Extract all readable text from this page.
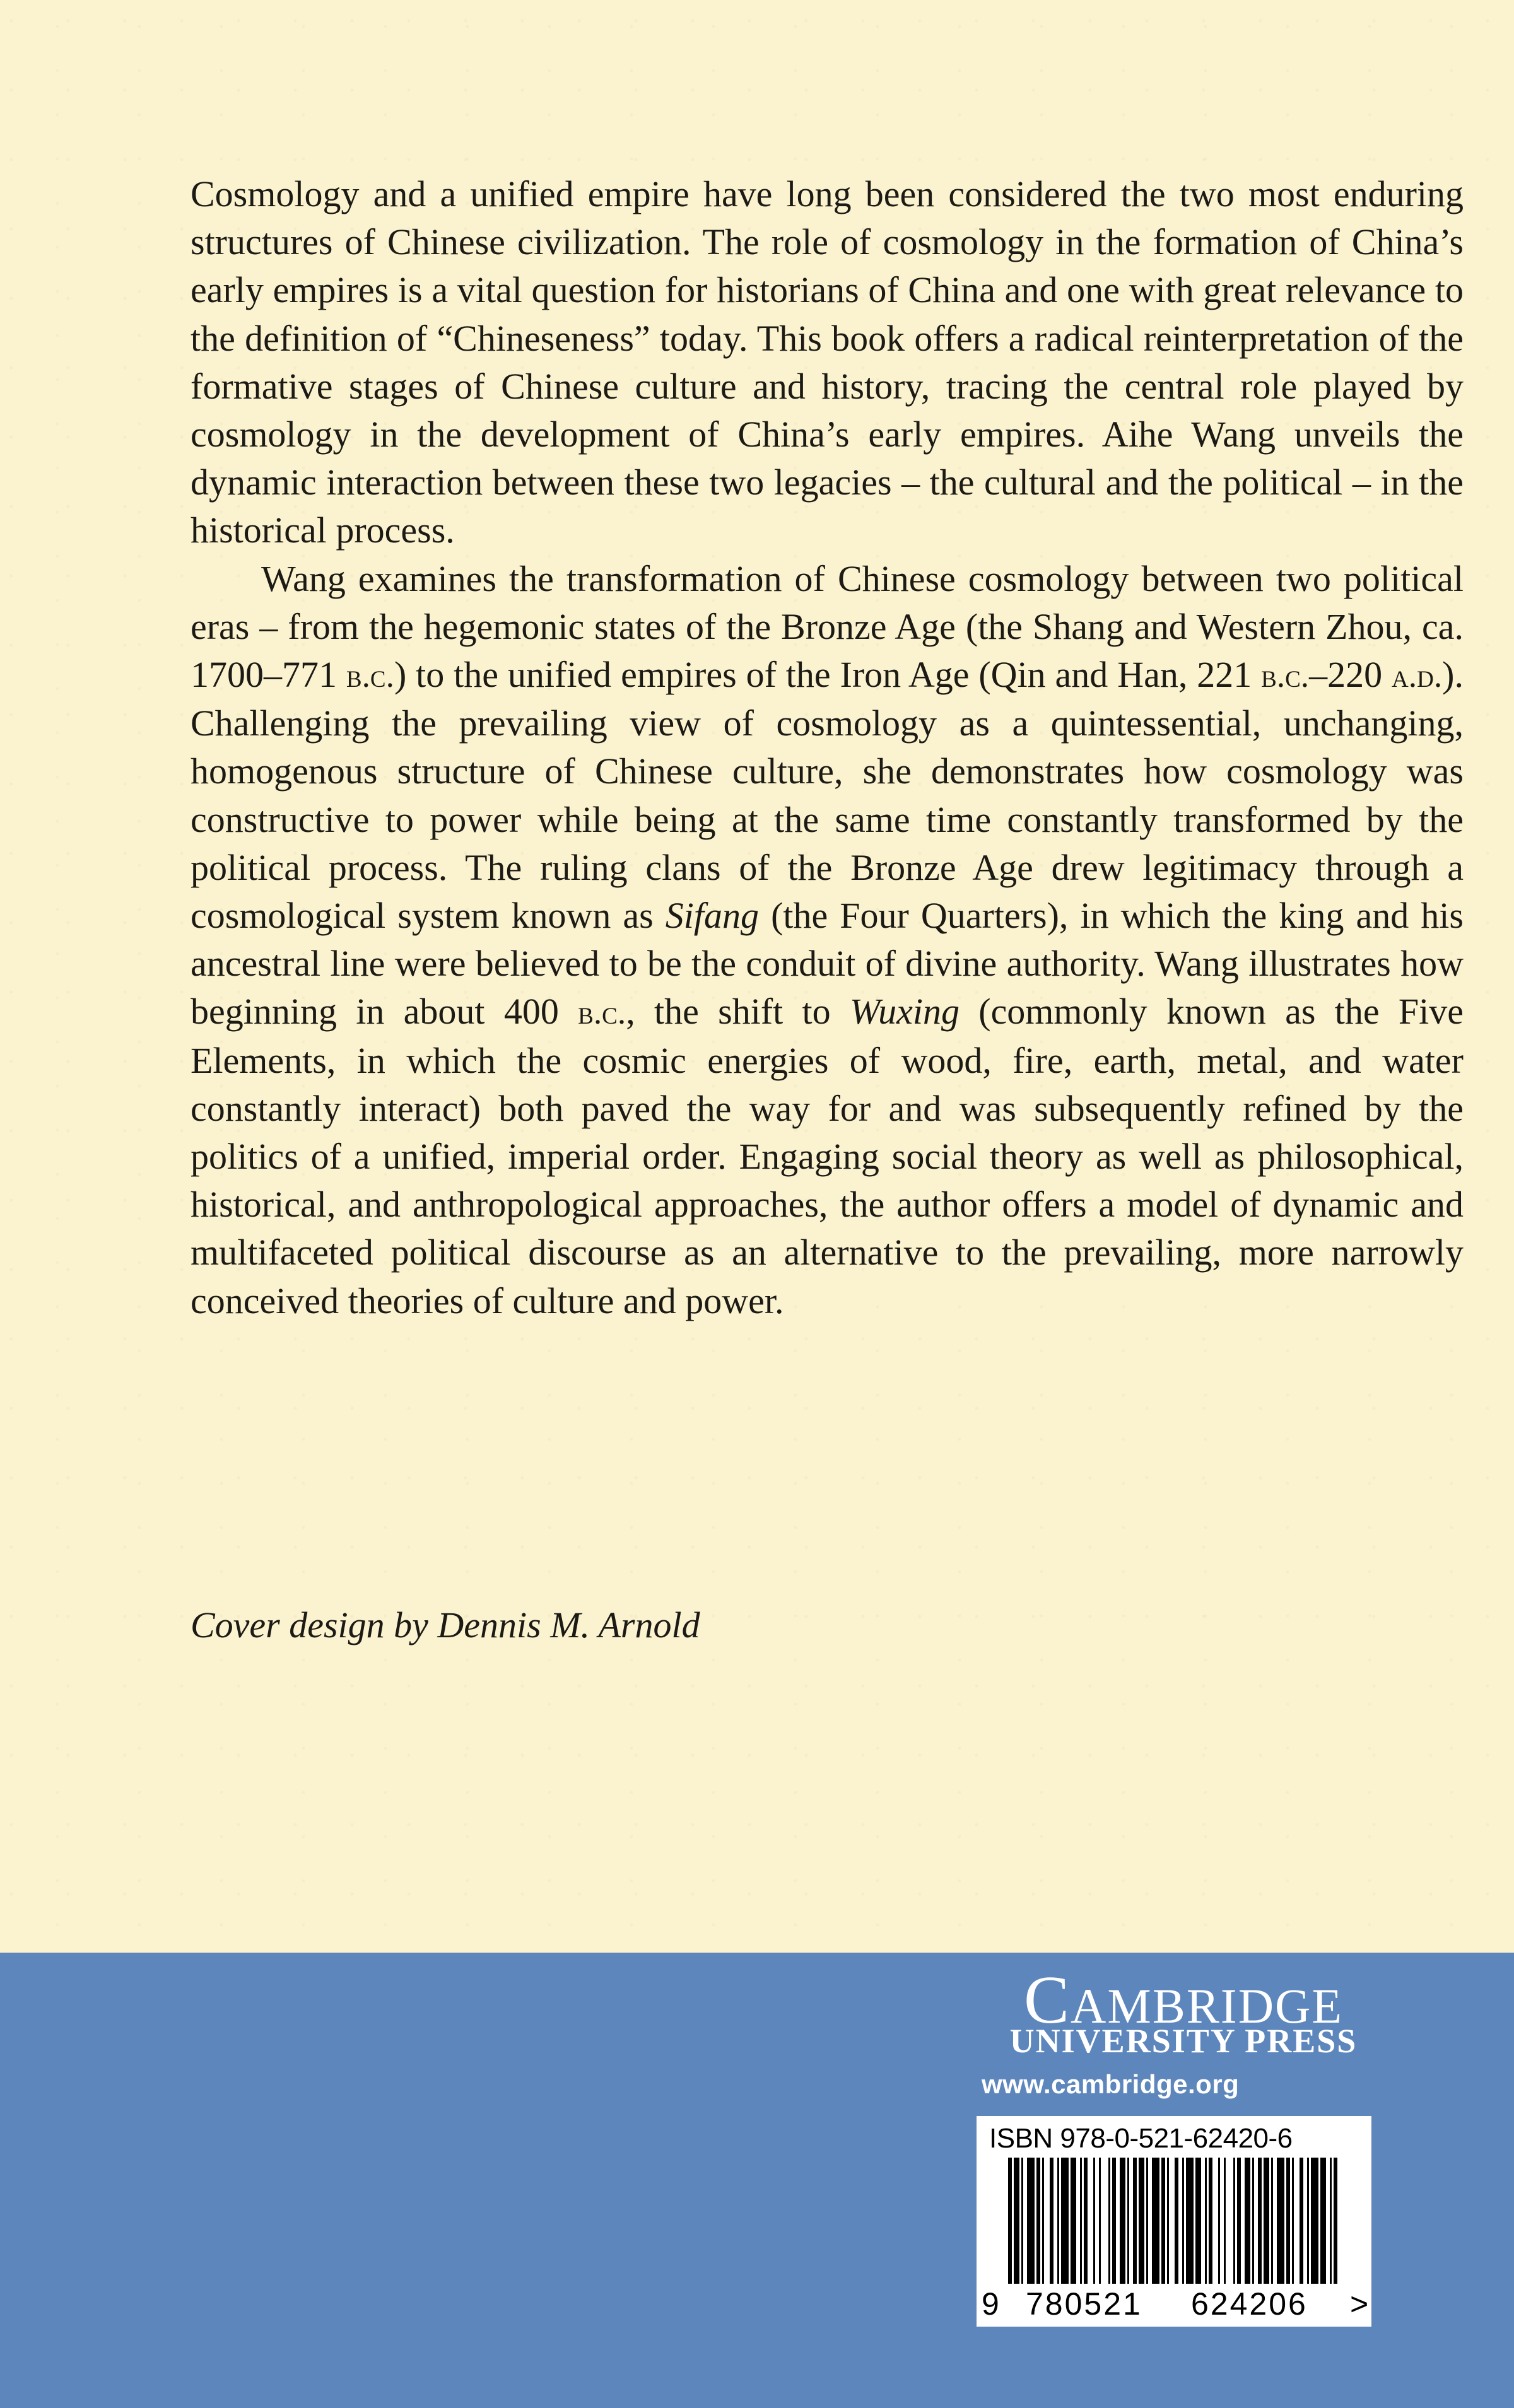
Cosmology and a unified empire have long been considered the two most enduring structures of Chinese civilization. The role of cosmology in the formation of China’s early empires is a vital question for historians of China and one with great relevance to the definition of “Chineseness” today. This book offers a radical reinterpretation of the formative stages of Chinese culture and history, tracing the central role played by cosmology in the development of China’s early empires. Aihe Wang unveils the dynamic interaction between these two legacies – the cultural and the political – in the historical process.

Wang examines the transformation of Chinese cosmology between two political eras – from the hegemonic states of the Bronze Age (the Shang and Western Zhou, ca. 1700–771 b.c.) to the unified empires of the Iron Age (Qin and Han, 221 b.c.–220 a.d.). Challenging the prevailing view of cosmology as a quintessential, unchanging, homogenous structure of Chinese culture, she demonstrates how cosmology was constructive to power while being at the same time constantly transformed by the political process. The ruling clans of the Bronze Age drew legitimacy through a cosmological system known as Sifang (the Four Quarters), in which the king and his ancestral line were believed to be the conduit of divine authority. Wang illustrates how beginning in about 400 b.c., the shift to Wuxing (commonly known as the Five Elements, in which the cosmic energies of wood, fire, earth, metal, and water constantly interact) both paved the way for and was subsequently refined by the politics of a unified, imperial order. Engaging social theory as well as philosophical, historical, and anthropological approaches, the author offers a model of dynamic and multifaceted political discourse as an alternative to the prevailing, more narrowly conceived theories of culture and power.

Cover design by Dennis M. Arnold
CAMBRIDGE
UNIVERSITY PRESS
www.cambridge.org
ISBN 978-0-521-62420-6
9 780521 624206 >
